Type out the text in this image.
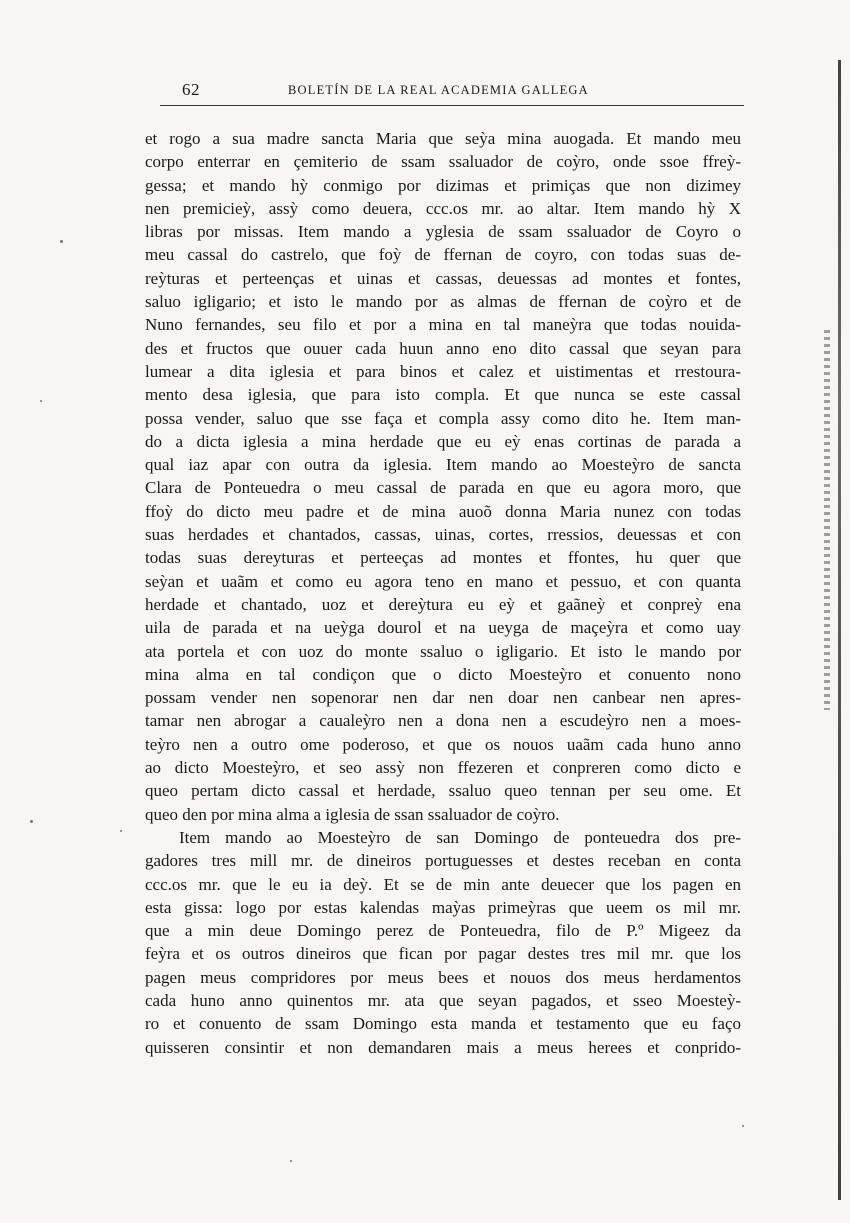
62	BOLETÍN DE LA REAL ACADEMIA GALLEGA
et rogo a sua madre sancta Maria que seỳa mina auogada. Et mando meu
corpo enterrar en çemiterio de ssam ssaluador de coỳro, onde ssoe ffreỳ-
gessa; et mando hỳ conmigo por dizimas et primiças que non dizimey
nen premicieỳ, assỳ como deuera, ccc.os mr. ao altar. Item mando hỳ X
libras por missas. Item mando a yglesia de ssam ssaluador de Coyro o
meu cassal do castrelo, que foỳ de ffernan de coyro, con todas suas de-
reỳturas et perteenças et uinas et cassas, deuessas ad montes et fontes,
saluo igligario; et isto le mando por as almas de ffernan de coỳro et de
Nuno fernandes, seu filo et por a mina en tal maneỳra que todas nouida-
des et fructos que ouuer cada huun anno eno dito cassal que seyan para
lumear a dita iglesia et para binos et calez et uistimentas et rrestoura-
mento desa iglesia, que para isto compla. Et que nunca se este cassal
possa vender, saluo que sse faça et compla assy como dito he. Item man-
do a dicta iglesia a mina herdade que eu eỳ enas cortinas de parada a
qual iaz apar con outra da iglesia. Item mando ao Moesteỳro de sancta
Clara de Ponteuedra o meu cassal de parada en que eu agora moro, que
ffoỳ do dicto meu padre et de mina auoõ donna Maria nunez con todas
suas herdades et chantados, cassas, uinas, cortes, rressios, deuessas et con
todas suas dereyturas et perteeças ad montes et ffontes, hu quer que
seỳan et uaãm et como eu agora teno en mano et pessuo, et con quanta
herdade et chantado, uoz et dereỳtura eu eỳ et gaãneỳ et conpreỳ ena
uila de parada et na ueỳga dourol et na ueyga de maçeỳra et como uay
ata portela et con uoz do monte ssaluo o igligario. Et isto le mando por
mina alma en tal condiçon que o dicto Moesteỳro et conuento nono
possam vender nen sopenorar nen dar nen doar nen canbear nen apres-
tamar nen abrogar a caualeỳro nen a dona nen a escudeỳro nen a moes-
teỳro nen a outro ome poderoso, et que os nouos uaãm cada huno anno
ao dicto Moesteỳro, et seo assỳ non ffezeren et conpreren como dicto e
queo pertam dicto cassal et herdade, ssaluo queo tennan per seu ome. Et
queo den por mina alma a iglesia de ssan ssaluador de coỳro.
Item mando ao Moesteỳro de san Domingo de ponteuedra dos pre-
gadores tres mill mr. de dineiros portuguesses et destes receban en conta
ccc.os mr. que le eu ia deỳ. Et se de min ante deuecer que los pagen en
esta gissa: logo por estas kalendas maỳas primeỳras que ueem os mil mr.
que a min deue Domingo perez de Ponteuedra, filo de P.º Migeez da
feỳra et os outros dineiros que fican por pagar destes tres mil mr. que los
pagen meus compridores por meus bees et nouos dos meus herdamentos
cada huno anno quinentos mr. ata que seyan pagados, et sseo Moesteỳ-
ro et conuento de ssam Domingo esta manda et testamento que eu faço
quisseren consintir et non demandaren mais a meus herees et conprido-
